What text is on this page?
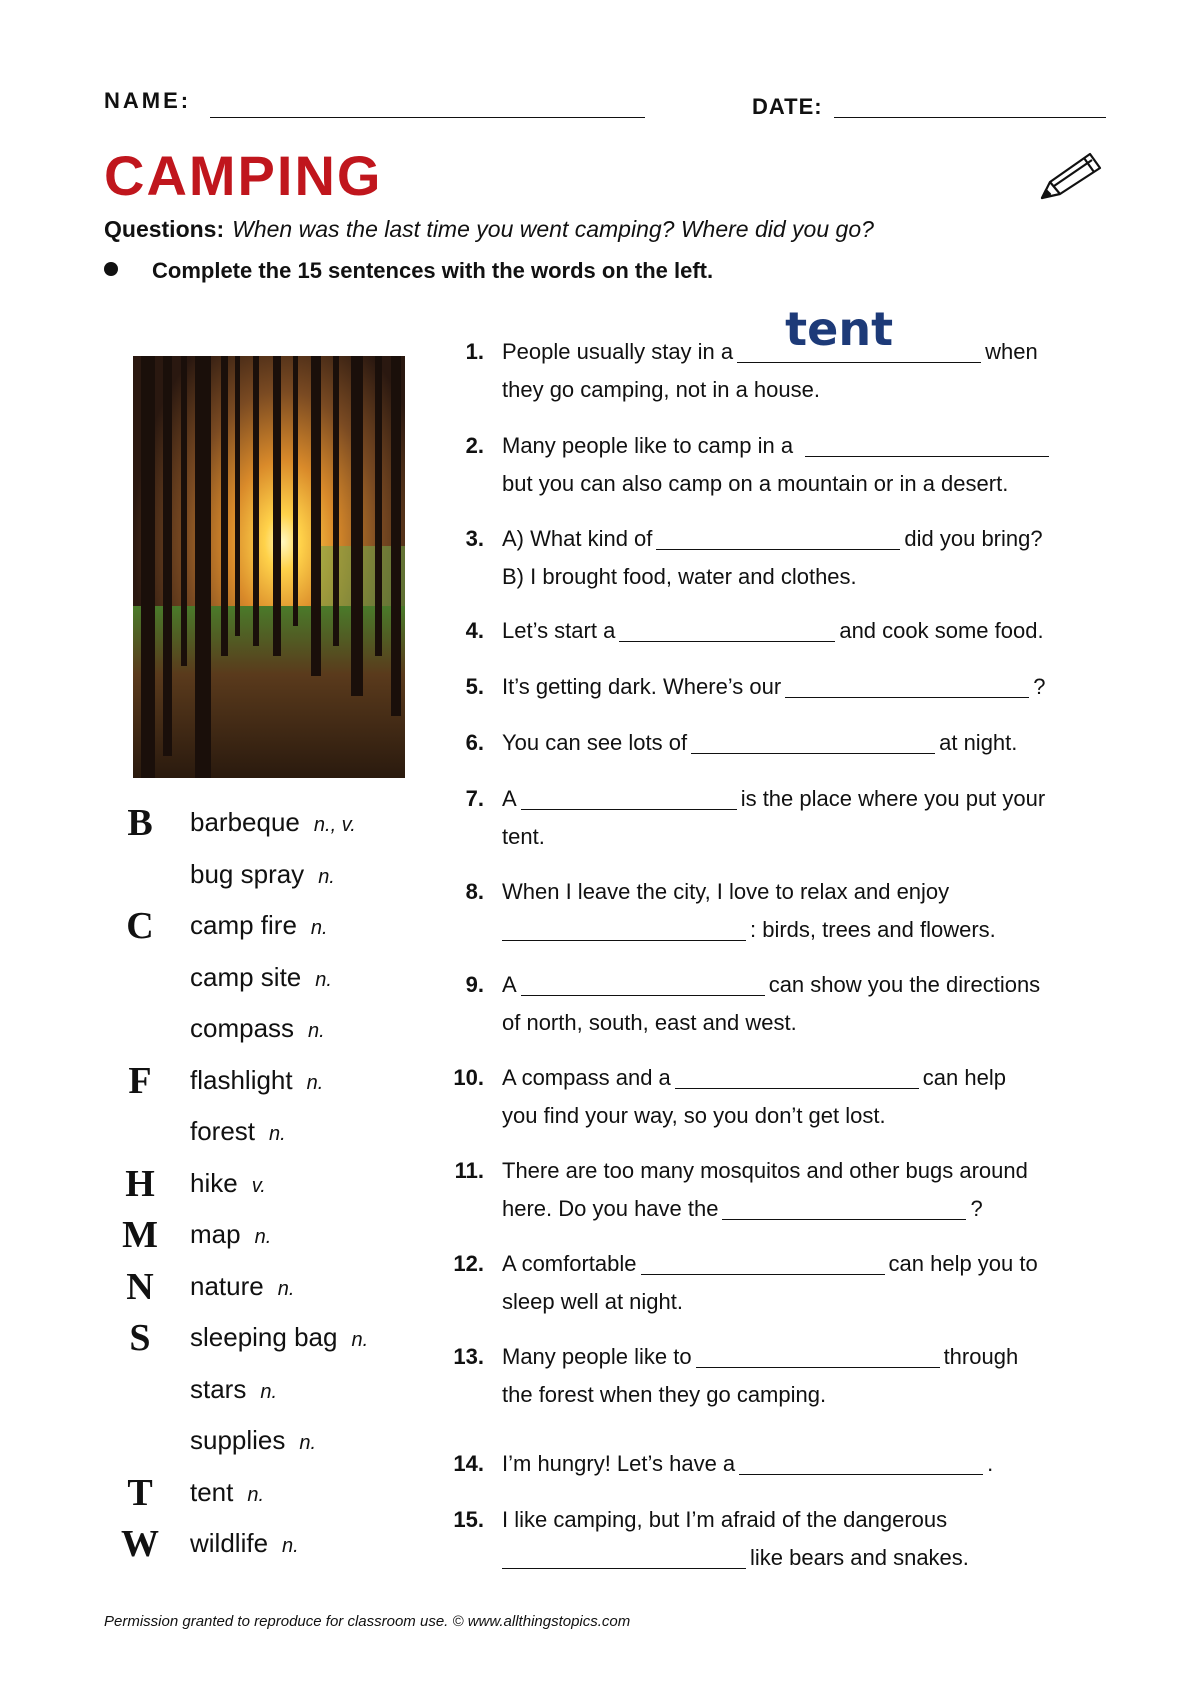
NAME:	DATE:
CAMPING
Questions: When was the last time you went camping? Where did you go?
Complete the 15 sentences with the words on the left.
B barbeque n., v.
bug spray n.
C camp fire n.
camp site n.
compass n.
F	flashlight n.
forest n.
H hike v.
M map n.
N nature n.
S	sleeping bag n.
stars n.
supplies n.
T tent n.
W wildlife n.
1. People usually stay in a tent	when
they go camping, not in a house.
2. Many people like to camp in a
but you can also camp on a mountain or in a desert.
3. A) What kind of	did you bring?
B) I brought food, water and clothes.
4. Let’s start a	and cook some food.
5. It’s getting dark. Where’s our	?
6. You can see lots of	at night.
7. A	is the place where you put your
tent.
8. When I leave the city, I love to relax and enjoy
: birds, trees and flowers.
9. A	can show you the directions
of north, south, east and west.
10. A compass and a	can help
you find your way, so you don’t get lost.
11. There are too many mosquitos and other bugs around
here. Do you have the	?
12. A comfortable	can help you to
sleep well at night.
13. Many people like to	through
the forest when they go camping.
14. I’m hungry! Let’s have a	.
15. I like camping, but I’m afraid of the dangerous
like bears and snakes.
Permission granted to reproduce for classroom use. © www.allthingstopics.com
